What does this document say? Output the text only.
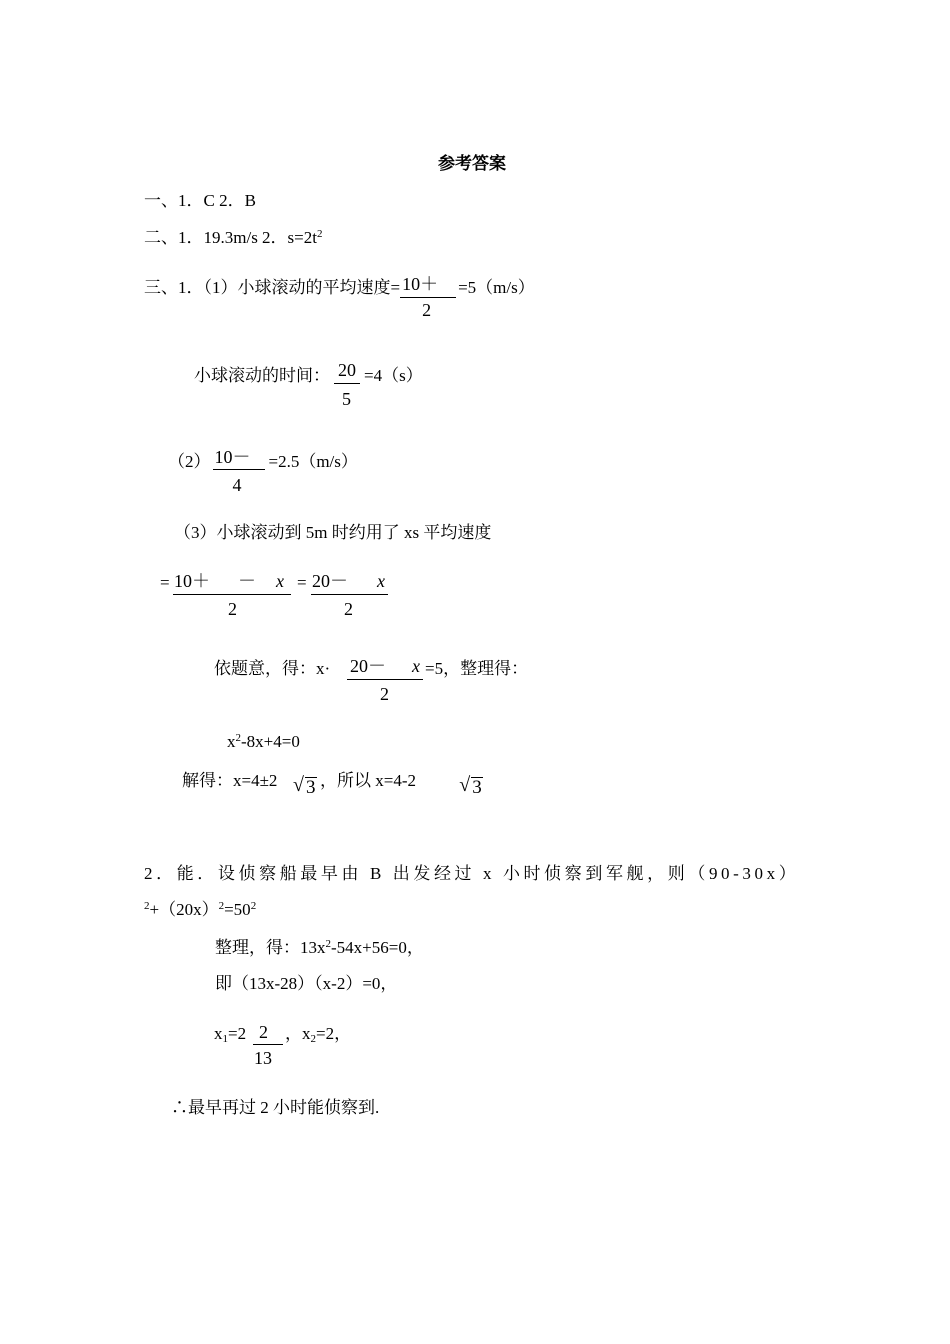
参考答案
一、1．C 2．B
二、1．19.3m/s 2．$s=2t^2$
三、1．（1）小球滚动的平均速度= $\frac{10+}{2} =5(m/s)$
小球滚动的时间： $\frac{20}{5} =4(s)$
$(2) \frac{10-}{4} =2.5(m/s)$
（3）小球滚动到 5m 时约用了 xs 平均速度
= 10＋ － x
2
= 20－ x
2
依题意，得：x· 20－ x
2
=5，整理得：
$x^2-8x+4=0$
解得：x=4±2 √ 3
，所以 x=4-2 √ 3
2．能．设侦察船最早由 B 出发经过 x 小时侦察到军舰，则（90-30x）
$^2+(20x)^2=50^2$
整理，得：$13x^2-54x+56=0$，
即（13x-28）（x-2）=0，
$x_1=2$ 2
13
，$x_2=2$，
∴最早再过 2 小时能侦察到.
